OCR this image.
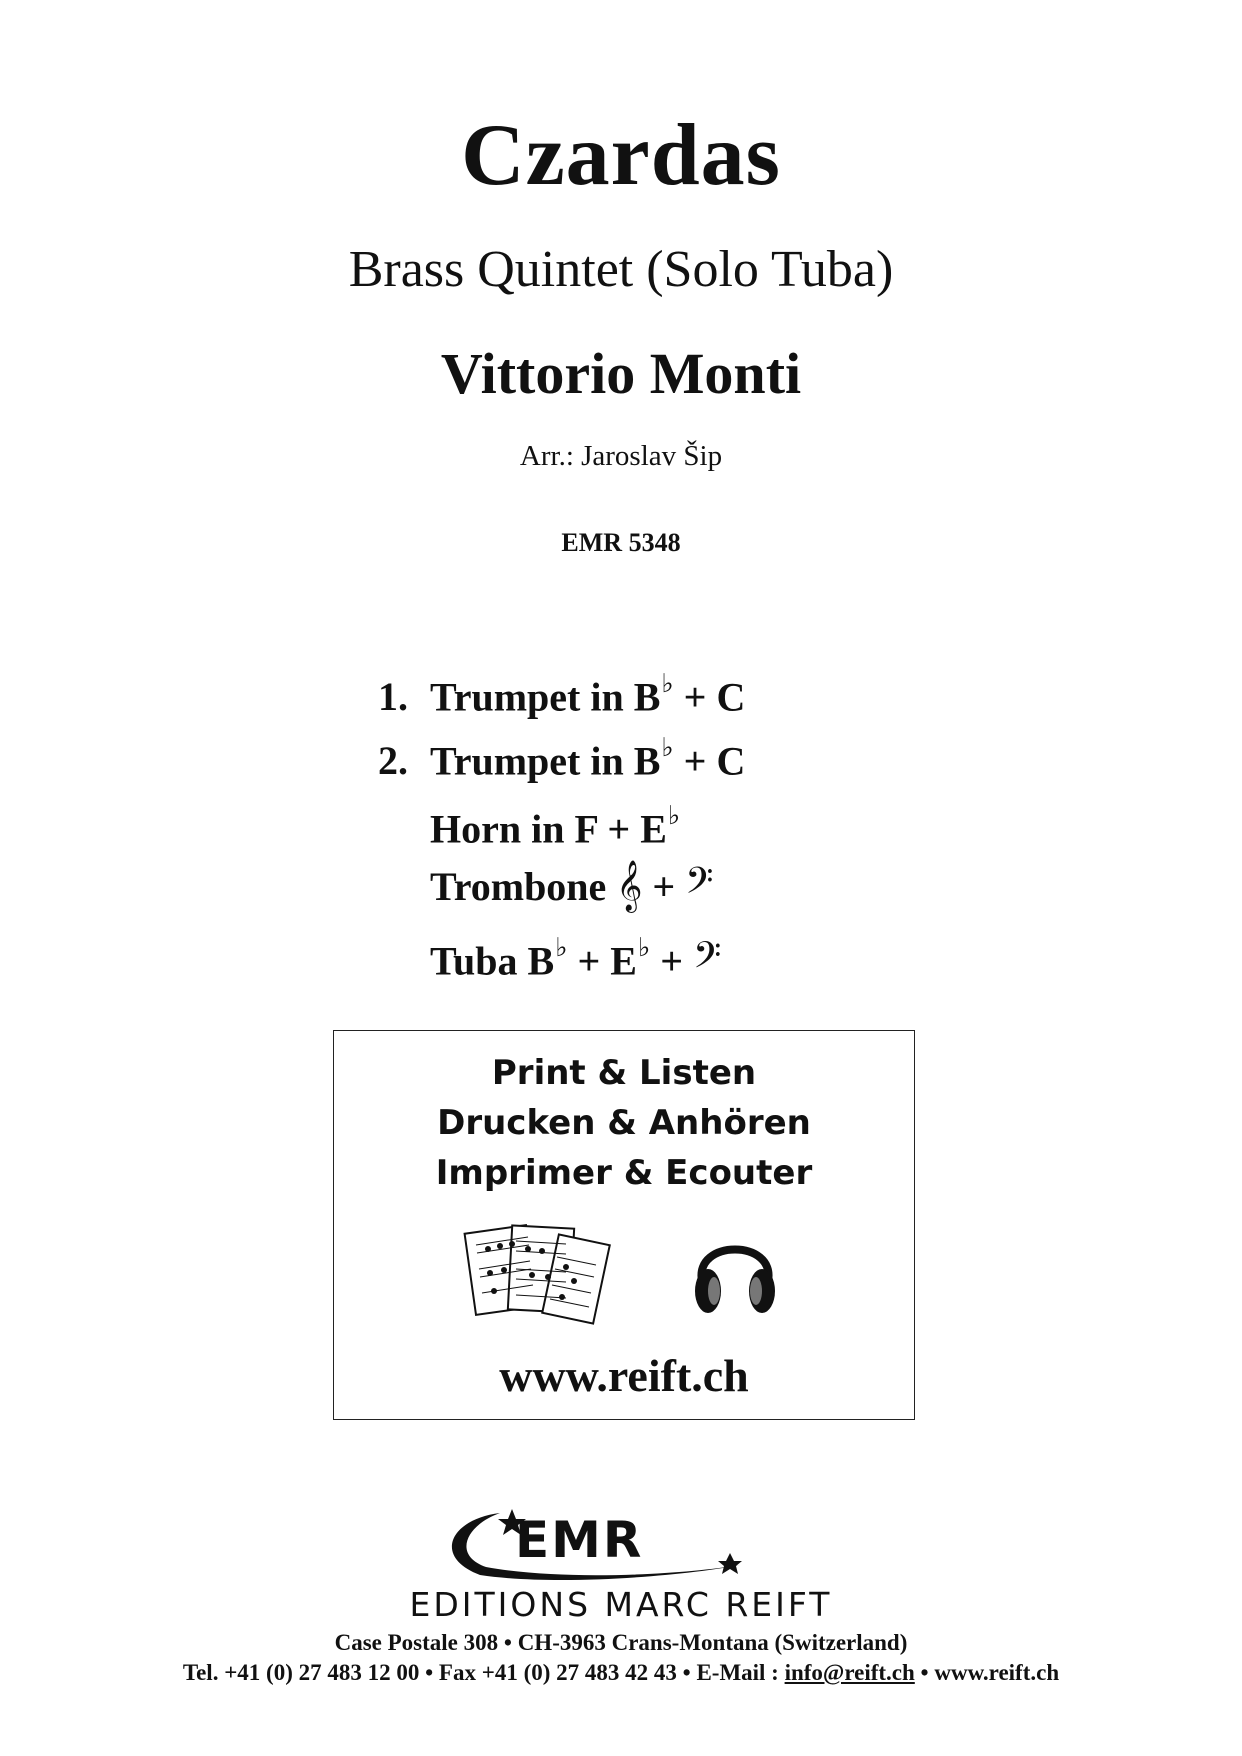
Czardas
Brass Quintet (Solo Tuba)
Vittorio Monti
Arr.: Jaroslav Šip
EMR 5348
1. Trumpet in B♭ + C
2. Trumpet in B♭ + C
Horn in F + E♭
Trombone 𝄞 + 𝄢
Tuba B♭ + E♭ + 𝄢
Print & Listen
Drucken & Anhören
Imprimer & Ecouter
www.reift.ch
EMR
EDITIONS MARC REIFT
Case Postale 308 • CH-3963 Crans-Montana (Switzerland)
Tel. +41 (0) 27 483 12 00 • Fax +41 (0) 27 483 42 43 • E-Mail : info@reift.ch • www.reift.ch
